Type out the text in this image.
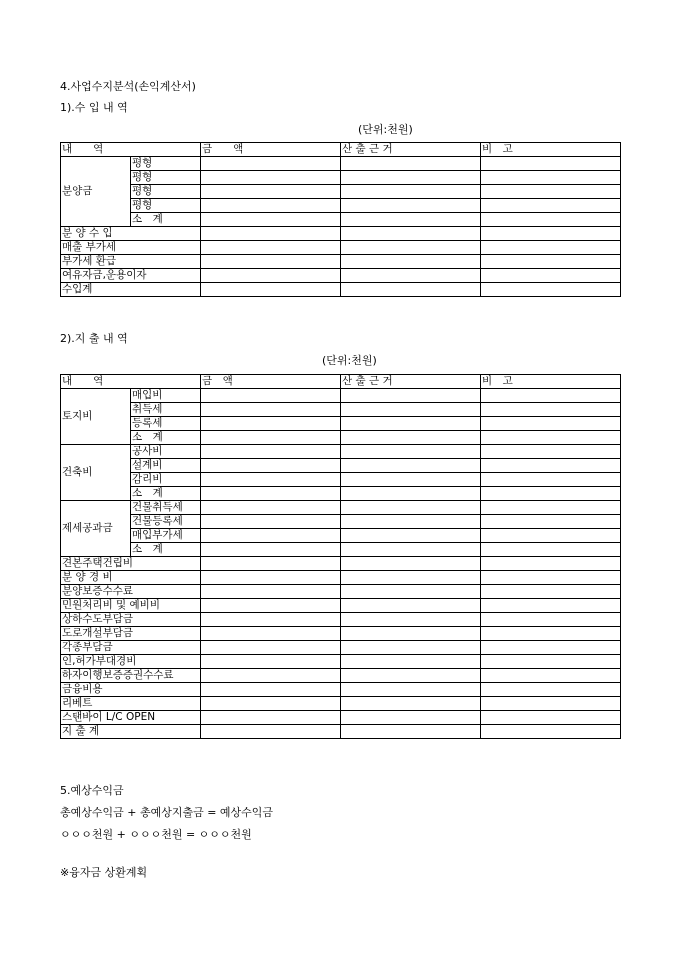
4.사업수지분석(손익계산서)
1).수 입 내 역
(단위:천원)
내　　역		금　　액	산 출 근 거	비　고
분양금	평형			
	평형			
	평형			
	평형			
	소　계			
분 양 수 입				
매출 부가세				
부가세 환급				
여유자금,운용이자				
수입계				
2).지 출 내 역
(단위:천원)
내　　역		금　액	산 출 근 거	비　고
토지비	매입비			
	취득세			
	등록세			
	소　계			
건축비	공사비			
	설계비			
	감리비			
	소　계			
제세공과금	건물취득세			
	건물등록세			
	매입부가세			
	소　계			
견본주택건립비				
분 양 경 비				
분양보증수수료				
민원처리비 및 예비비				
상하수도부담금				
도로개설부담금				
각종부담금				
인,허가부대경비				
하자이행보증증권수수료				
금융비용				
리베트				
스탠바이 L/C OPEN				
지 출 계				
5.예상수익금
총예상수익금 + 총예상지출금 = 예상수익금
ㅇㅇㅇ천원 + ㅇㅇㅇ천원 = ㅇㅇㅇ천원
※융자금 상환계획
